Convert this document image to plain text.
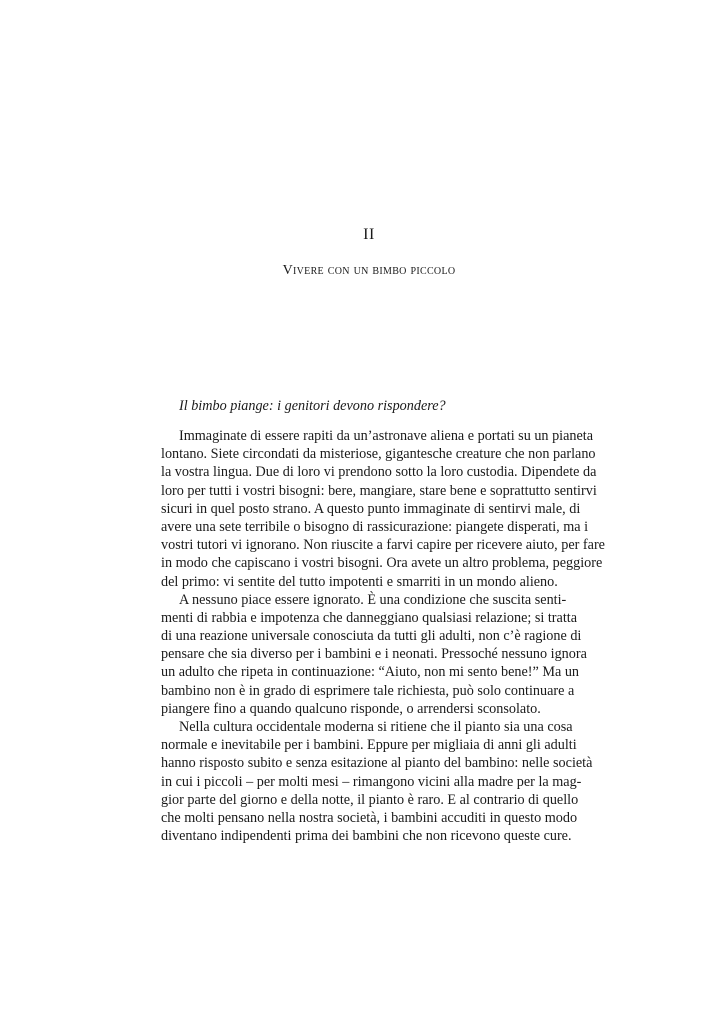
II
Vivere con un bimbo piccolo
Il bimbo piange: i genitori devono rispondere?
Immaginate di essere rapiti da un’astronave aliena e portati su un pianeta
lontano. Siete circondati da misteriose, gigantesche creature che non parlano
la vostra lingua. Due di loro vi prendono sotto la loro custodia. Dipendete da
loro per tutti i vostri bisogni: bere, mangiare, stare bene e soprattutto sentirvi
sicuri in quel posto strano. A questo punto immaginate di sentirvi male, di
avere una sete terribile o bisogno di rassicurazione: piangete disperati, ma i
vostri tutori vi ignorano. Non riuscite a farvi capire per ricevere aiuto, per fare
in modo che capiscano i vostri bisogni. Ora avete un altro problema, peggiore
del primo: vi sentite del tutto impotenti e smarriti in un mondo alieno.
A nessuno piace essere ignorato. È una condizione che suscita senti-
menti di rabbia e impotenza che danneggiano qualsiasi relazione; si tratta
di una reazione universale conosciuta da tutti gli adulti, non c’è ragione di
pensare che sia diverso per i bambini e i neonati. Pressoché nessuno ignora
un adulto che ripeta in continuazione: “Aiuto, non mi sento bene!” Ma un
bambino non è in grado di esprimere tale richiesta, può solo continuare a
piangere fino a quando qualcuno risponde, o arrendersi sconsolato.
Nella cultura occidentale moderna si ritiene che il pianto sia una cosa
normale e inevitabile per i bambini. Eppure per migliaia di anni gli adulti
hanno risposto subito e senza esitazione al pianto del bambino: nelle società
in cui i piccoli – per molti mesi – rimangono vicini alla madre per la mag-
gior parte del giorno e della notte, il pianto è raro. E al contrario di quello
che molti pensano nella nostra società, i bambini accuditi in questo modo
diventano indipendenti prima dei bambini che non ricevono queste cure.
